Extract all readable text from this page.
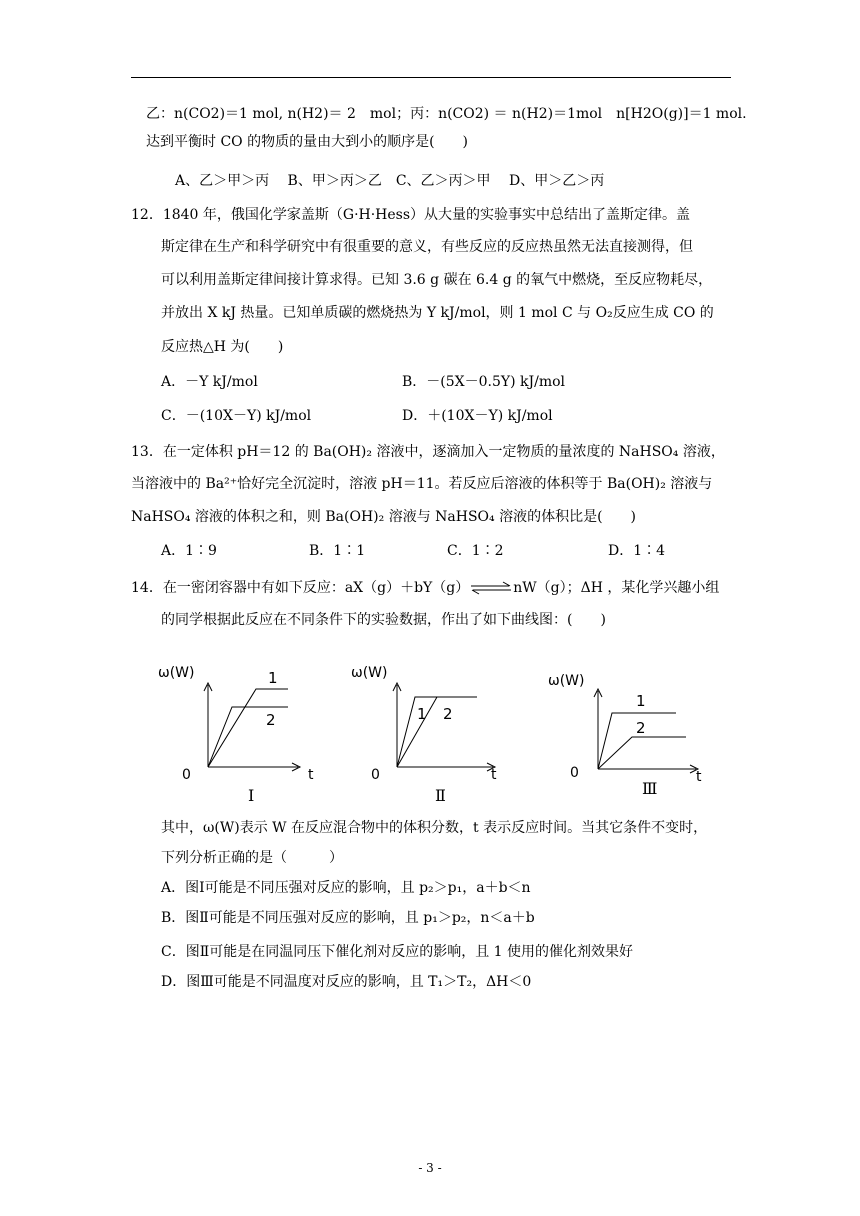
乙：n(CO2)＝1 mol, n(H2)＝ 2　mol；丙：n(CO2) ＝ n(H2)＝1mol　n[H2O(g)]＝1 mol.
达到平衡时 CO 的物质的量由大到小的顺序是(　　)
A、乙＞甲＞丙　 B、甲＞丙＞乙　C、乙＞丙＞甲　 D、甲＞乙＞丙
12．1840 年，俄国化学家盖斯（G·H·Hess）从大量的实验事实中总结出了盖斯定律。盖
斯定律在生产和科学研究中有很重要的意义，有些反应的反应热虽然无法直接测得，但
可以利用盖斯定律间接计算求得。已知 3.6 g 碳在 6.4 g 的氧气中燃烧，至反应物耗尽，
并放出 X kJ 热量。已知单质碳的燃烧热为 Y kJ/mol，则 1 mol C 与 O₂反应生成 CO 的
反应热△H 为(　　)
A．－Y kJ/mol	B．－(5X－0.5Y) kJ/mol
C．－(10X－Y) kJ/mol	D．＋(10X－Y) kJ/mol
13．在一定体积 pH＝12 的 Ba(OH)₂ 溶液中，逐滴加入一定物质的量浓度的 NaHSO₄ 溶液，
当溶液中的 Ba²⁺恰好完全沉淀时，溶液 pH＝11。若反应后溶液的体积等于 Ba(OH)₂ 溶液与
NaHSO₄ 溶液的体积之和，则 Ba(OH)₂ 溶液与 NaHSO₄ 溶液的体积比是(　　)
A．1∶9	B．1∶1	C．1∶2	D．1∶4
14．在一密闭容器中有如下反应：aX（g）＋bY（g）⇌nW（g）；ΔH ，某化学兴趣小组
的同学根据此反应在不同条件下的实验数据，作出了如下曲线图：(　　)
ω(W)
0	t
1
2
Ⅰ
ω(W)
0	t
1 2
Ⅱ
ω(W)
0	t
1
2
Ⅲ
其中，ω(W)表示 W 在反应混合物中的体积分数，t 表示反应时间。当其它条件不变时，
下列分析正确的是（　　　）
A．图Ⅰ可能是不同压强对反应的影响，且 p₂＞p₁，a＋b＜n
B．图Ⅱ可能是不同压强对反应的影响，且 p₁＞p₂，n＜a＋b
C．图Ⅱ可能是在同温同压下催化剂对反应的影响，且 1 使用的催化剂效果好
D．图Ⅲ可能是不同温度对反应的影响，且 T₁＞T₂，ΔH＜0
- 3 -
